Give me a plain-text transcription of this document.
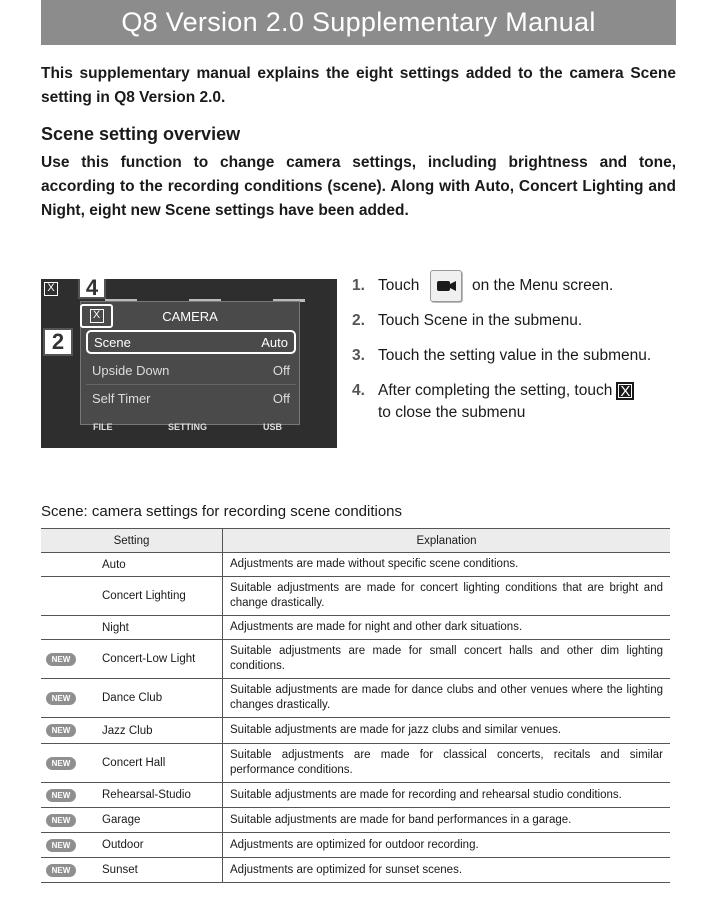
Q8 Version 2.0 Supplementary Manual
This supplementary manual explains the eight settings added to the camera Scene setting in Q8 Version 2.0.
Scene setting overview
Use this function to change camera settings, including brightness and tone, according to the recording conditions (scene). Along with Auto, Concert Lighting and Night, eight new Scene settings have been added.
X
X	CAMERA
Scene	Auto
Upside Down	Off
Self Timer	Off
FILE	SETTING	USB
4
2
1. Touch	on the Menu screen.
2. Touch Scene in the submenu.
3. Touch the setting value in the submenu.
4. After completing the setting, touch X
to close the submenu
Scene: camera settings for recording scene conditions
Setting		Explanation
	Auto	Adjustments are made without specific scene conditions.
	Concert Lighting	Suitable adjustments are made for concert lighting conditions that are bright and change drastically.
	Night	Adjustments are made for night and other dark situations.
NEW	Concert-Low Light	Suitable adjustments are made for small concert halls and other dim lighting conditions.
NEW	Dance Club	Suitable adjustments are made for dance clubs and other venues where the lighting changes drastically.
NEW	Jazz Club	Suitable adjustments are made for jazz clubs and similar venues.
NEW	Concert Hall	Suitable adjustments are made for classical concerts, recitals and similar performance conditions.
NEW	Rehearsal-Studio	Suitable adjustments are made for recording and rehearsal studio conditions.
NEW	Garage	Suitable adjustments are made for band performances in a garage.
NEW	Outdoor	Adjustments are optimized for outdoor recording.
NEW	Sunset	Adjustments are optimized for sunset scenes.
